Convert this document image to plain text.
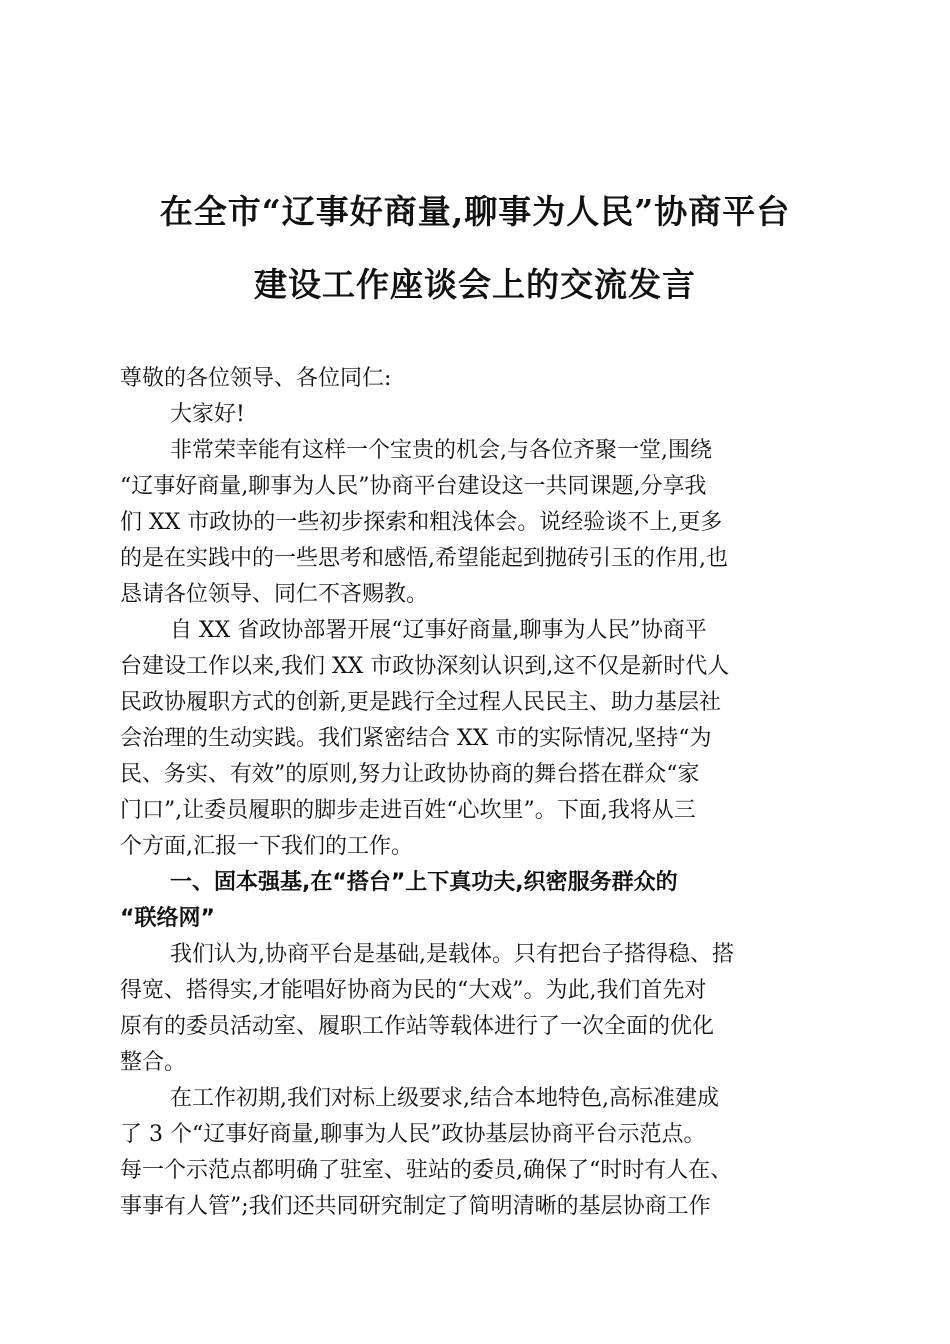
在全市“辽事好商量,聊事为人民”协商平台
建设工作座谈会上的交流发言
尊敬的各位领导、各位同仁:
大家好!
非常荣幸能有这样一个宝贵的机会,与各位齐聚一堂,围绕
“辽事好商量,聊事为人民”协商平台建设这一共同课题,分享我
们 XX 市政协的一些初步探索和粗浅体会。说经验谈不上,更多
的是在实践中的一些思考和感悟,希望能起到抛砖引玉的作用,也
恳请各位领导、同仁不吝赐教。
自 XX 省政协部署开展“辽事好商量,聊事为人民”协商平
台建设工作以来,我们 XX 市政协深刻认识到,这不仅是新时代人
民政协履职方式的创新,更是践行全过程人民民主、助力基层社
会治理的生动实践。我们紧密结合 XX 市的实际情况,坚持“为
民、务实、有效”的原则,努力让政协协商的舞台搭在群众“家
门口”,让委员履职的脚步走进百姓“心坎里”。下面,我将从三
个方面,汇报一下我们的工作。
一、固本强基,在“搭台”上下真功夫,织密服务群众的
“联络网”
我们认为,协商平台是基础,是载体。只有把台子搭得稳、搭
得宽、搭得实,才能唱好协商为民的“大戏”。为此,我们首先对
原有的委员活动室、履职工作站等载体进行了一次全面的优化
整合。
在工作初期,我们对标上级要求,结合本地特色,高标准建成
了 3 个“辽事好商量,聊事为人民”政协基层协商平台示范点。
每一个示范点都明确了驻室、驻站的委员,确保了“时时有人在、
事事有人管”;我们还共同研究制定了简明清晰的基层协商工作
